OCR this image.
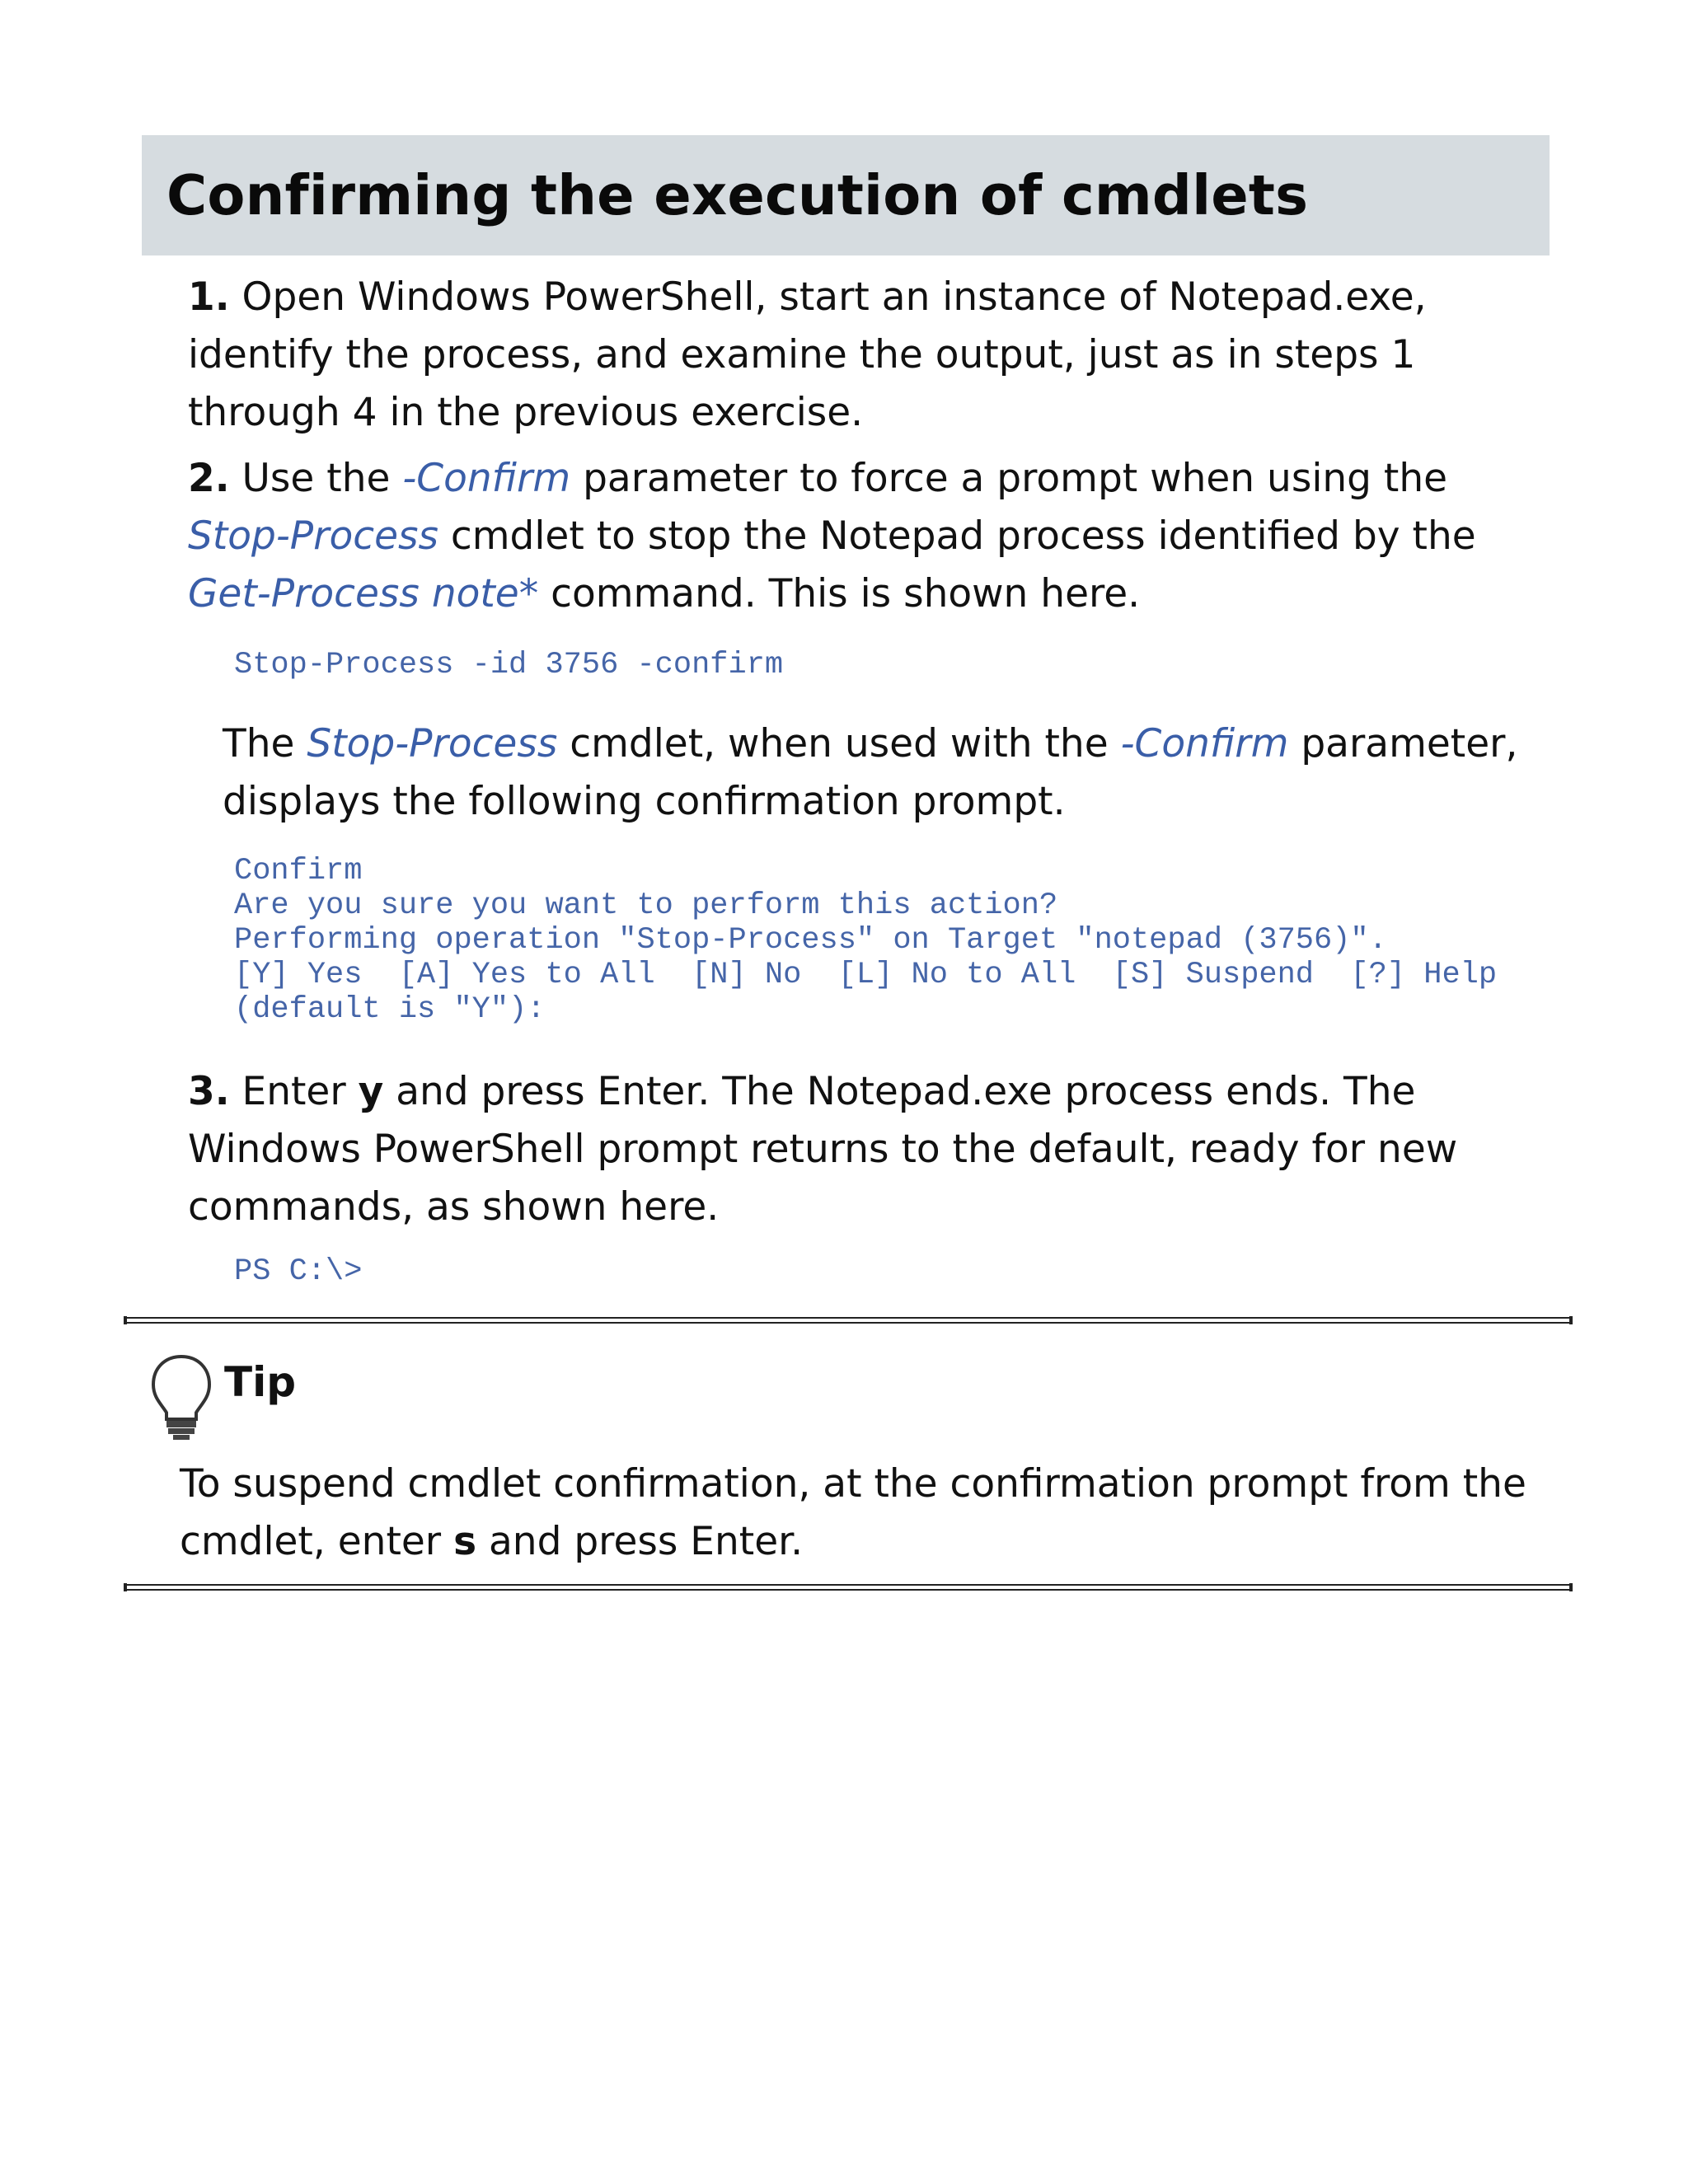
Confirming the execution of cmdlets
1. Open Windows PowerShell, start an instance of Notepad.exe, identify the process, and examine the output, just as in steps 1 through 4 in the previous exercise.
2. Use the -Confirm parameter to force a prompt when using the Stop-Process cmdlet to stop the Notepad process identified by the Get-Process note* command. This is shown here.
Stop-Process -id 3756 -confirm
The Stop-Process cmdlet, when used with the -Confirm parameter, displays the following confirmation prompt.
Confirm
Are you sure you want to perform this action?
Performing operation "Stop-Process" on Target "notepad (3756)".
[Y] Yes  [A] Yes to All  [N] No  [L] No to All  [S] Suspend  [?] Help
(default is "Y"):
3. Enter y and press Enter. The Notepad.exe process ends. The Windows PowerShell prompt returns to the default, ready for new commands, as shown here.
PS C:\>
Tip
To suspend cmdlet confirmation, at the confirmation prompt from the cmdlet, enter s and press Enter.
